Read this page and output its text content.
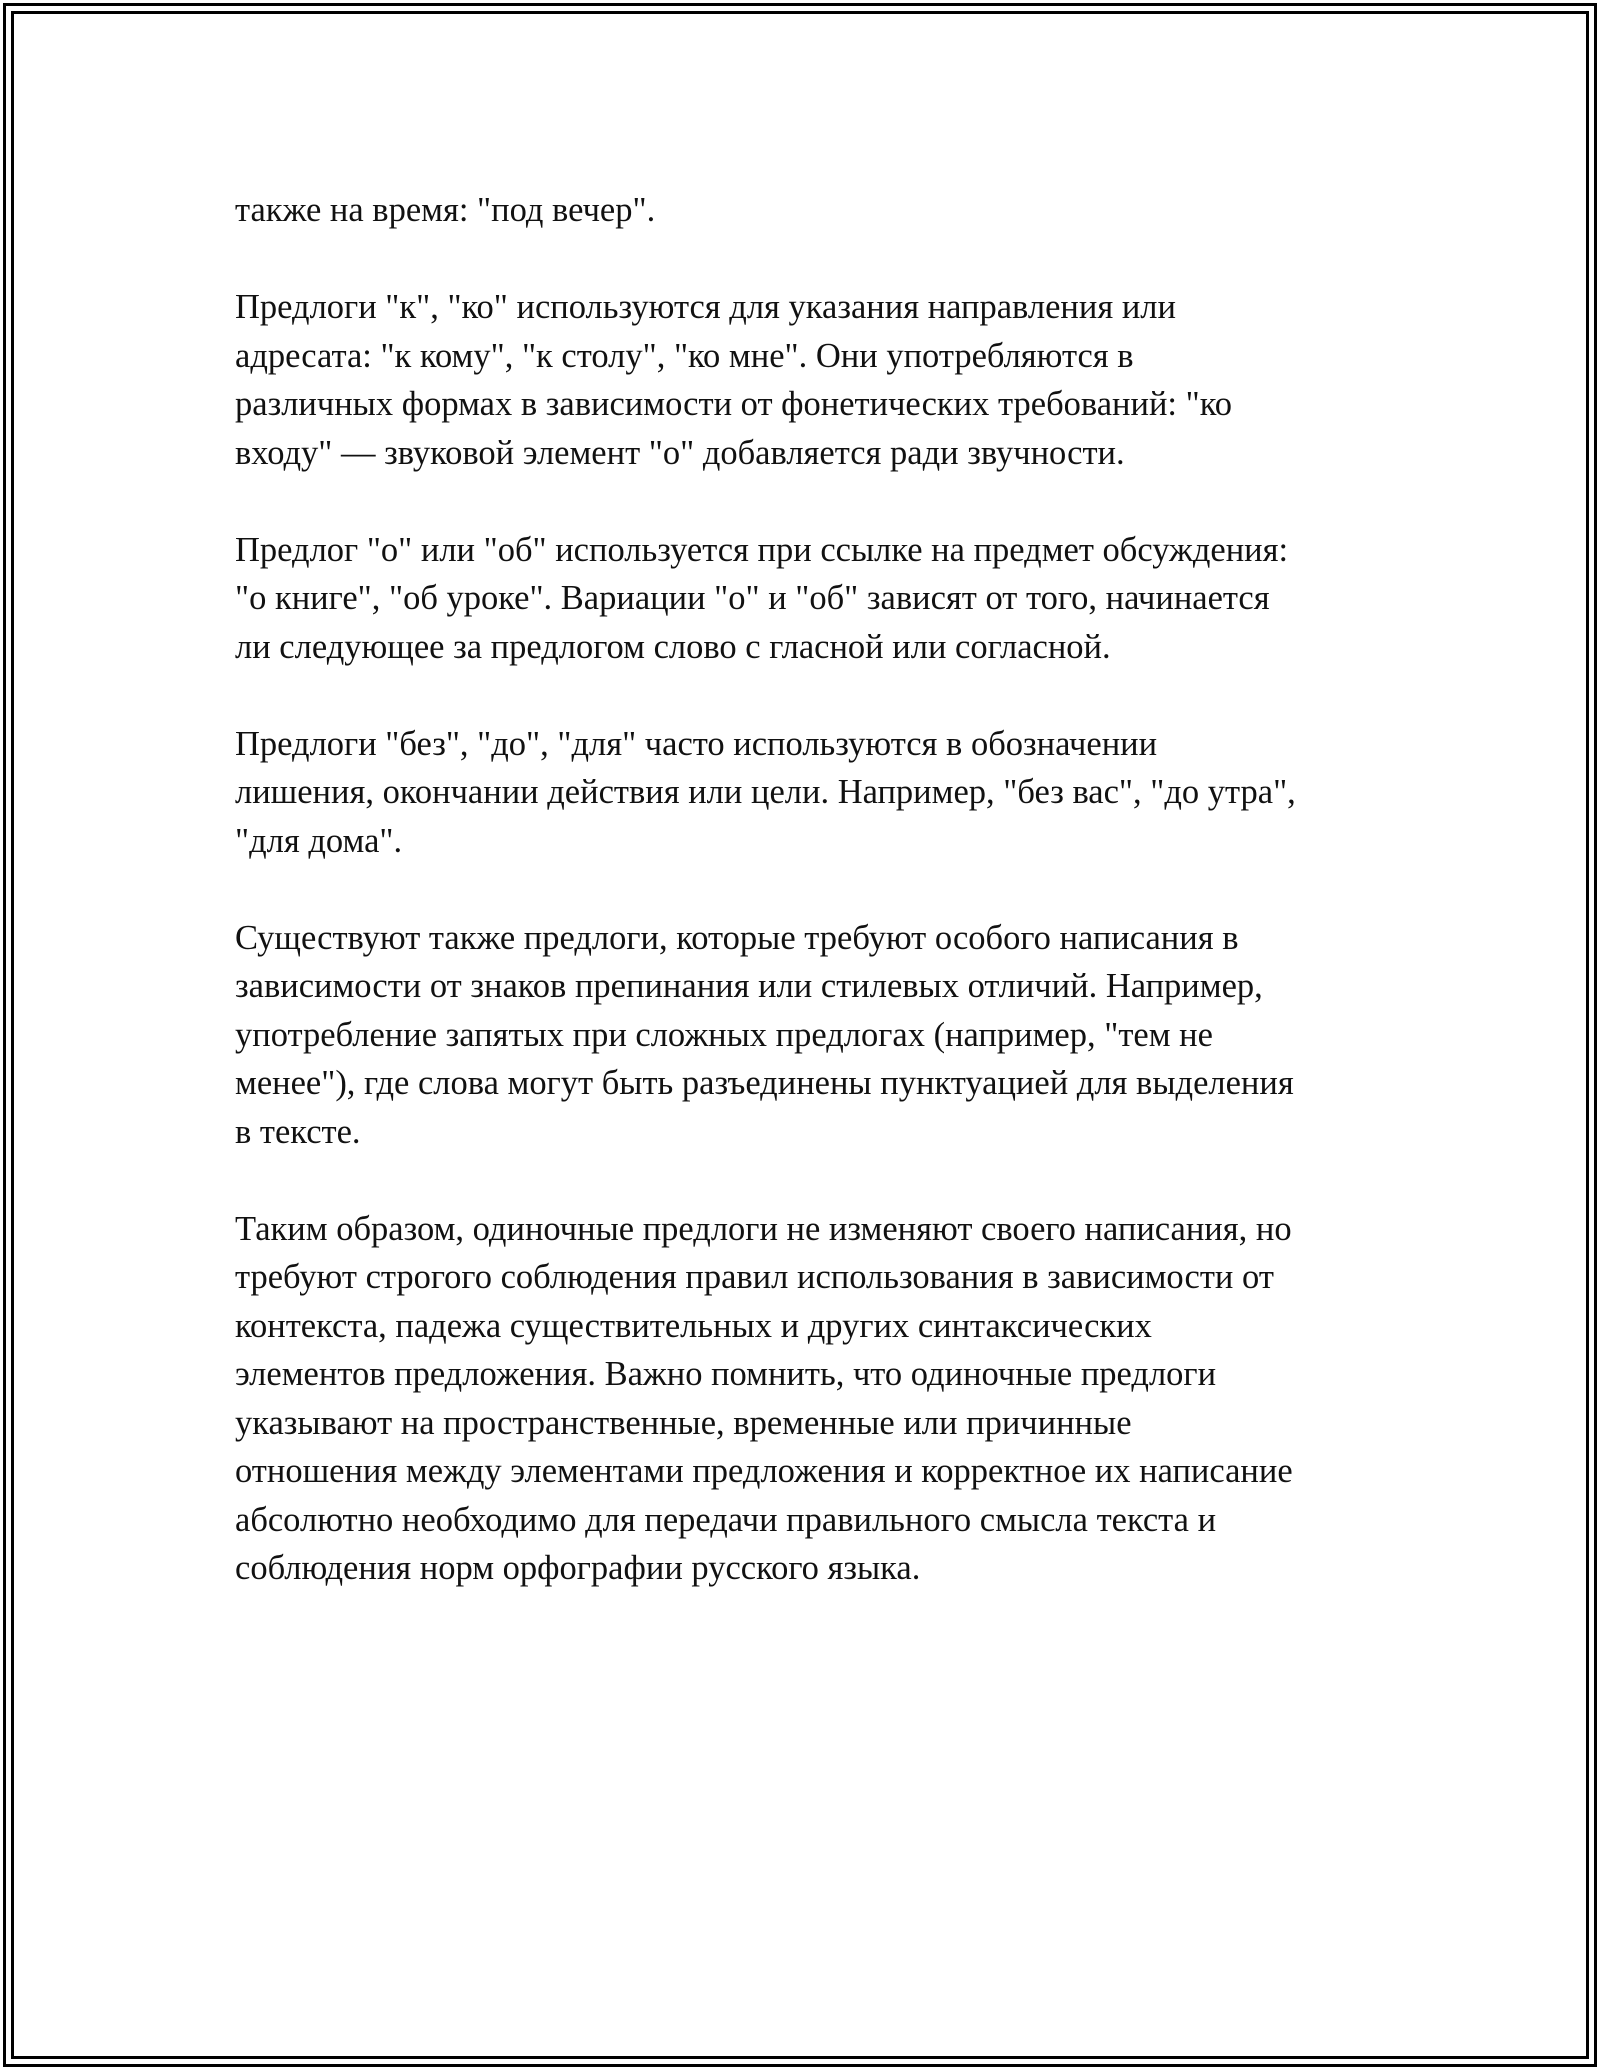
также на время: "под вечер".

Предлоги "к", "ко" используются для указания направления или
адресата: "к кому", "к столу", "ко мне". Они употребляются в
различных формах в зависимости от фонетических требований: "ко
входу" — звуковой элемент "о" добавляется ради звучности.

Предлог "о" или "об" используется при ссылке на предмет обсуждения:
"о книге", "об уроке". Вариации "о" и "об" зависят от того, начинается
ли следующее за предлогом слово с гласной или согласной.

Предлоги "без", "до", "для" часто используются в обозначении
лишения, окончании действия или цели. Например, "без вас", "до утра",
"для дома".

Существуют также предлоги, которые требуют особого написания в
зависимости от знаков препинания или стилевых отличий. Например,
употребление запятых при сложных предлогах (например, "тем не
менее"), где слова могут быть разъединены пунктуацией для выделения
в тексте.

Таким образом, одиночные предлоги не изменяют своего написания, но
требуют строгого соблюдения правил использования в зависимости от
контекста, падежа существительных и других синтаксических
элементов предложения. Важно помнить, что одиночные предлоги
указывают на пространственные, временные или причинные
отношения между элементами предложения и корректное их написание
абсолютно необходимо для передачи правильного смысла текста и
соблюдения норм орфографии русского языка.
